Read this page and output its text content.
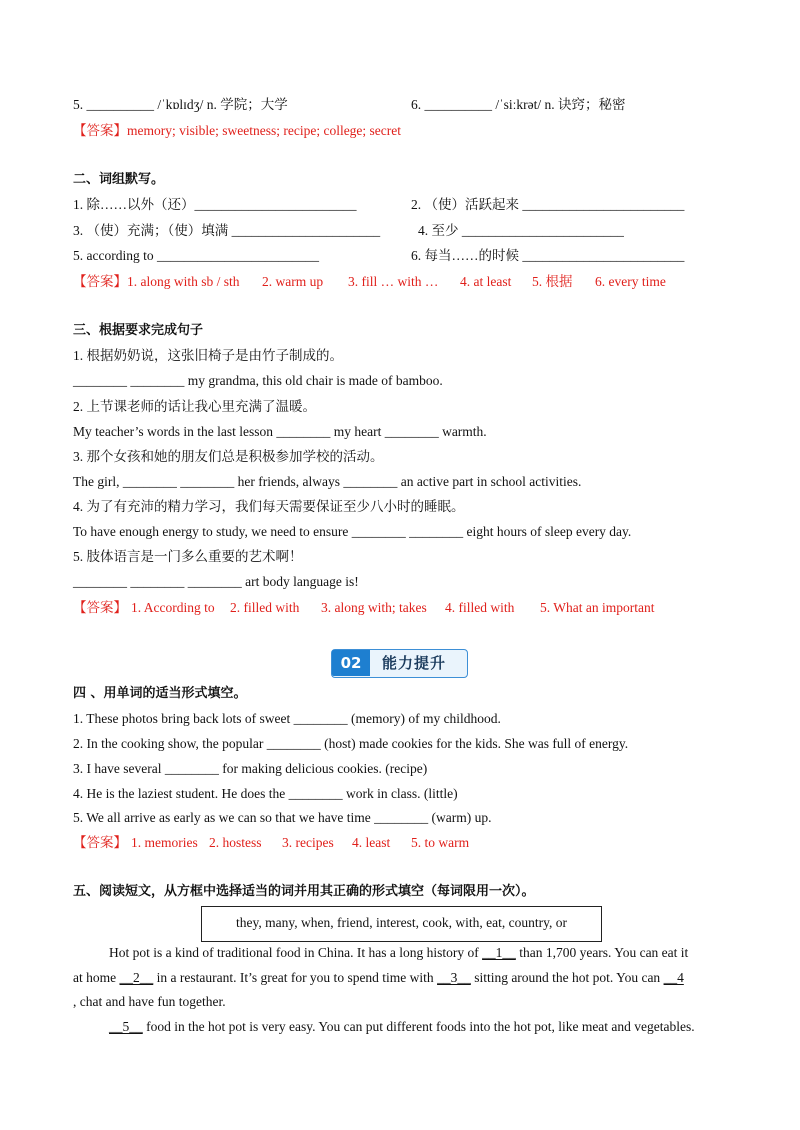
5. __________ /ˈkɒlɪdʒ/ n. 学院；大学	6. __________ /ˈsiːkrət/ n. 诀窍；秘密
【答案】memory; visible; sweetness; recipe; college; secret
二、词组默写。
1. 除……以外（还）________________________	2. （使）活跃起来 ________________________
3. （使）充满；（使）填满 ______________________	4. 至少 ________________________
5. according to ________________________	6. 每当……的时候 ________________________
【答案】1. along with sb / sth 2. warm up 3. fill … with … 4. at least 5. 根据 6. every time
三、根据要求完成句子
1. 根据奶奶说，这张旧椅子是由竹子制成的。
________ ________ my grandma, this old chair is made of bamboo.
2. 上节课老师的话让我心里充满了温暖。
My teacher’s words in the last lesson ________ my heart ________ warmth.
3. 那个女孩和她的朋友们总是积极参加学校的活动。
The girl, ________ ________ her friends, always ________ an active part in school activities.
4. 为了有充沛的精力学习，我们每天需要保证至少八小时的睡眠。
To have enough energy to study, we need to ensure ________ ________ eight hours of sleep every day.
5. 肢体语言是一门多么重要的艺术啊！
________ ________ ________ art body language is!
【答案】 1. According to 2. filled with 3. along with; takes 4. filled with 5. What an important
02	能力提升
四 、用单词的适当形式填空。
1. These photos bring back lots of sweet ________ (memory) of my childhood.
2. In the cooking show, the popular ________ (host) made cookies for the kids. She was full of energy.
3. I have several ________ for making delicious cookies. (recipe)
4. He is the laziest student. He does the ________ work in class. (little)
5. We all arrive as early as we can so that we have time ________ (warm) up.
【答案】 1. memories 2. hostess 3. recipes 4. least 5. to warm
五、阅读短文，从方框中选择适当的词并用其正确的形式填空（每词限用一次）。
they, many, when, friend, interest, cook, with, eat, country, or
Hot pot is a kind of traditional food in China. It has a long history of __1__ than 1,700 years. You can eat it
at home __2__ in a restaurant. It’s great for you to spend time with __3__ sitting around the hot pot. You can __4
, chat and have fun together.
__5__ food in the hot pot is very easy. You can put different foods into the hot pot, like meat and vegetables.
